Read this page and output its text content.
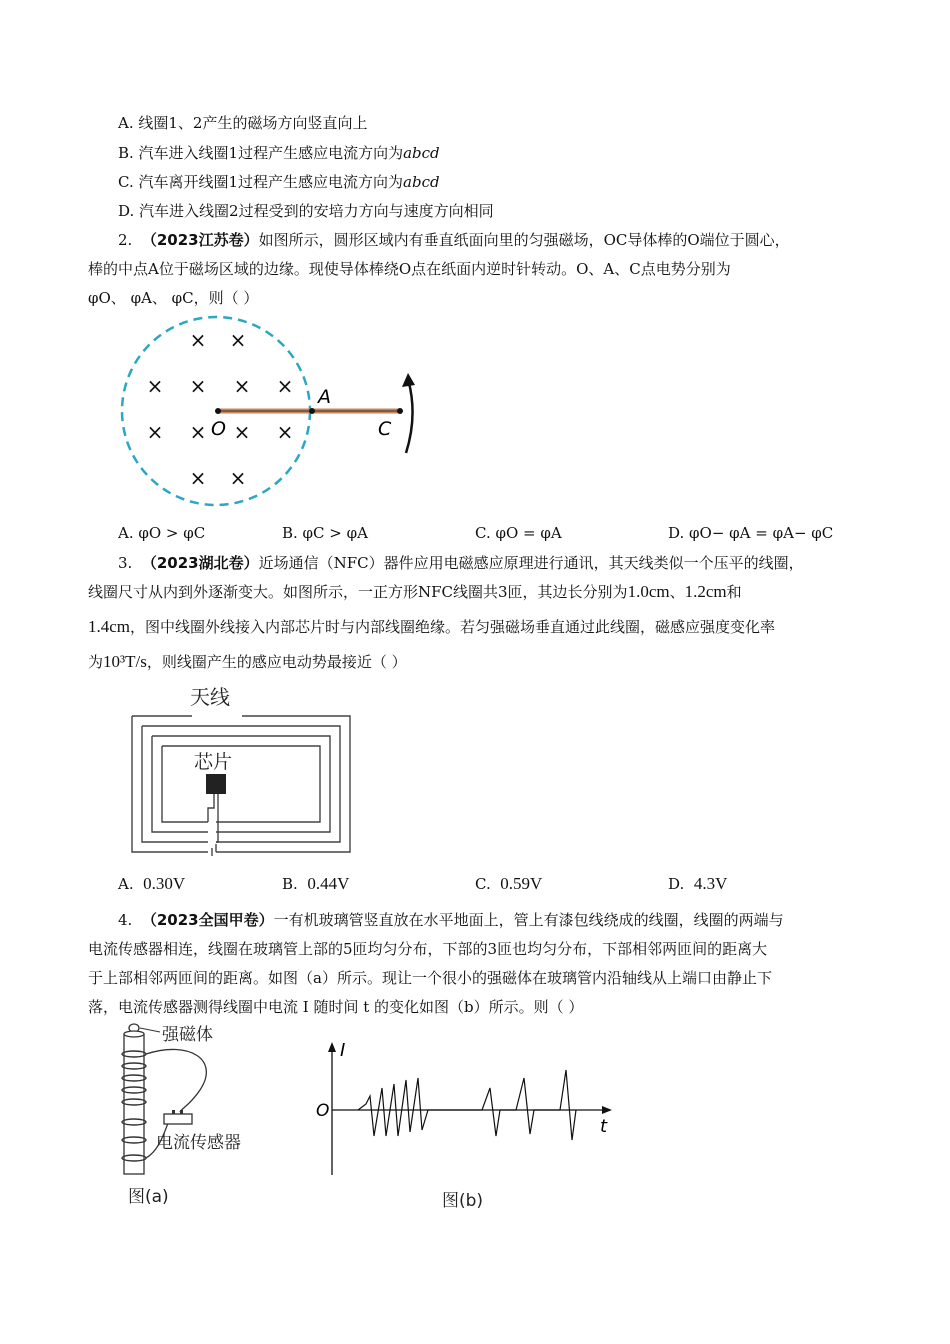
A. 线圈1、2产生的磁场方向竖直向上
B. 汽车进入线圈1过程产生感应电流方向为abcd
C. 汽车离开线圈1过程产生感应电流方向为abcd
D. 汽车进入线圈2过程受到的安培力方向与速度方向相同
2. （2023江苏卷）如图所示，圆形区域内有垂直纸面向里的匀强磁场，OC导体棒的O端位于圆心，
棒的中点A位于磁场区域的边缘。现使导体棒绕O点在纸面内逆时针转动。O、A、C点电势分别为
φO、 φA、 φC，则（ ）
× ×
× × × ×
× × × ×
× ×
O
A
C
A. φO > φC	B. φC > φA	C. φO = φA	D. φO− φA = φA− φC
3. （2023湖北卷）近场通信（NFC）器件应用电磁感应原理进行通讯，其天线类似一个压平的线圈，
线圈尺寸从内到外逐渐变大。如图所示，一正方形NFC线圈共3匝，其边长分别为1.0cm、1.2cm和
1.4cm，图中线圈外线接入内部芯片时与内部线圈绝缘。若匀强磁场垂直通过此线圈，磁感应强度变化率
为10³T/s，则线圈产生的感应电动势最接近（ ）
天线
芯片
A. 0.30V	B. 0.44V	C. 0.59V	D. 4.3V
4. （2023全国甲卷）一有机玻璃管竖直放在水平地面上，管上有漆包线绕成的线圈，线圈的两端与
电流传感器相连，线圈在玻璃管上部的5匝均匀分布，下部的3匝也均匀分布，下部相邻两匝间的距离大
于上部相邻两匝间的距离。如图（a）所示。现让一个很小的强磁体在玻璃管内沿轴线从上端口由静止下
落，电流传感器测得线圈中电流 I 随时间 t 的变化如图（b）所示。则（ ）
强磁体
电流传感器
图(a)
I
t
O
图(b)
